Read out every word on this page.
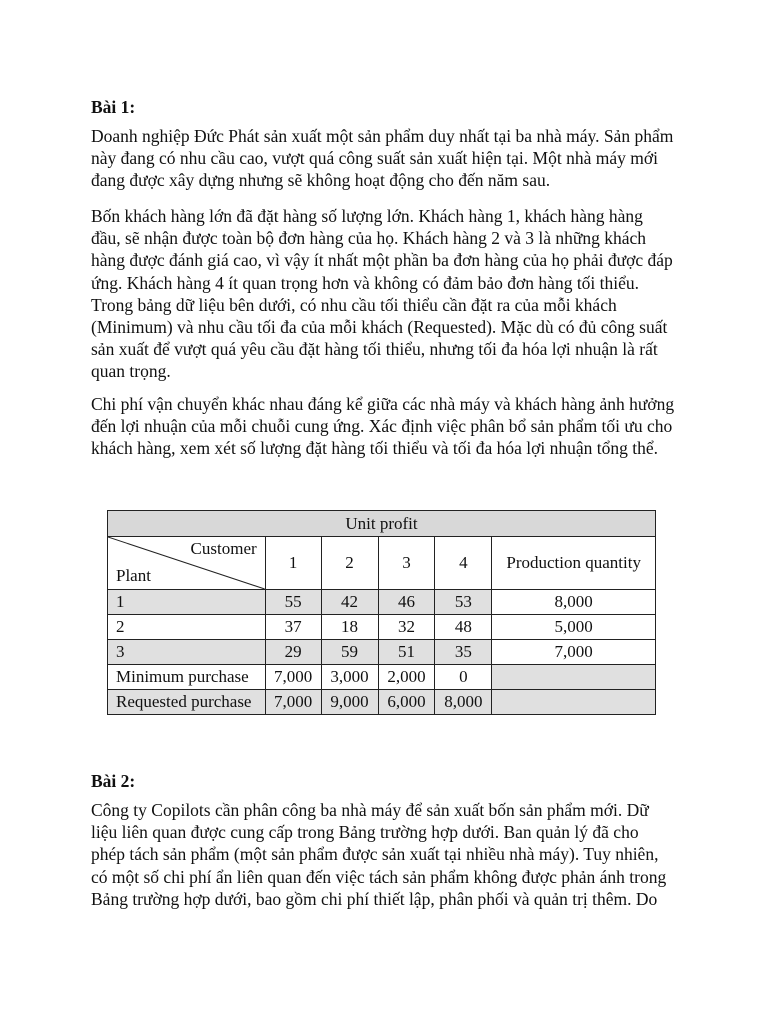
Bài 1:
Doanh nghiệp Đức Phát sản xuất một sản phẩm duy nhất tại ba nhà máy. Sản phẩm
này đang có nhu cầu cao, vượt quá công suất sản xuất hiện tại. Một nhà máy mới
đang được xây dựng nhưng sẽ không hoạt động cho đến năm sau.
Bốn khách hàng lớn đã đặt hàng số lượng lớn. Khách hàng 1, khách hàng hàng
đầu, sẽ nhận được toàn bộ đơn hàng của họ. Khách hàng 2 và 3 là những khách
hàng được đánh giá cao, vì vậy ít nhất một phần ba đơn hàng của họ phải được đáp
ứng. Khách hàng 4 ít quan trọng hơn và không có đảm bảo đơn hàng tối thiểu.
Trong bảng dữ liệu bên dưới, có nhu cầu tối thiểu cần đặt ra của mỗi khách
(Minimum) và nhu cầu tối đa của mỗi khách (Requested). Mặc dù có đủ công suất
sản xuất để vượt quá yêu cầu đặt hàng tối thiểu, nhưng tối đa hóa lợi nhuận là rất
quan trọng.
Chi phí vận chuyển khác nhau đáng kể giữa các nhà máy và khách hàng ảnh hưởng
đến lợi nhuận của mỗi chuỗi cung ứng. Xác định việc phân bổ sản phẩm tối ưu cho
khách hàng, xem xét số lượng đặt hàng tối thiểu và tối đa hóa lợi nhuận tổng thể.
Unit profit					

Customer
Plant	1	2	3	4	Production quantity
1	55	42	46	53	8,000
2	37	18	32	48	5,000
3	29	59	51	35	7,000
Minimum purchase	7,000	3,000	2,000	0	
Requested purchase	7,000	9,000	6,000	8,000	
Bài 2:
Công ty Copilots cần phân công ba nhà máy để sản xuất bốn sản phẩm mới. Dữ
liệu liên quan được cung cấp trong Bảng trường hợp dưới. Ban quản lý đã cho
phép tách sản phẩm (một sản phẩm được sản xuất tại nhiều nhà máy). Tuy nhiên,
có một số chi phí ẩn liên quan đến việc tách sản phẩm không được phản ánh trong
Bảng trường hợp dưới, bao gồm chi phí thiết lập, phân phối và quản trị thêm. Do
